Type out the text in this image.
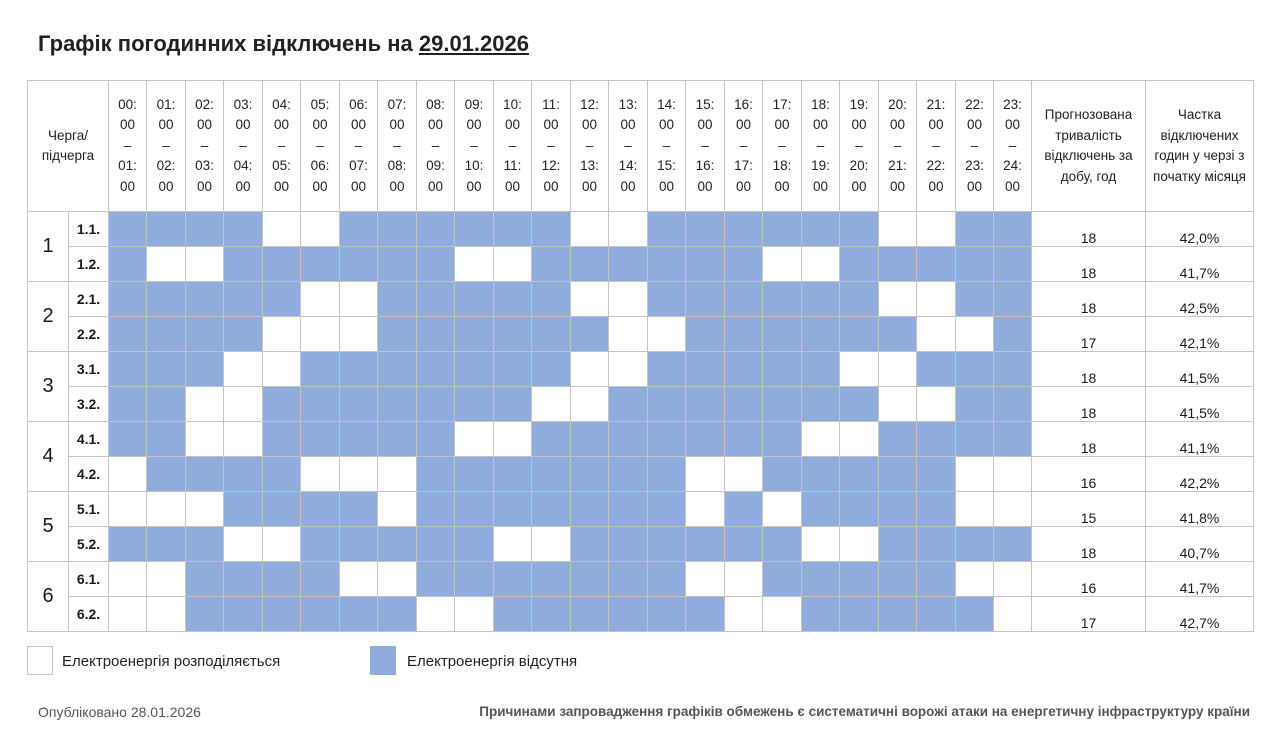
Графік погодинних відключень на 29.01.2026
Черга/ підчерга		00:
00
–
01:
00	01:
00
–
02:
00	02:
00
–
03:
00	03:
00
–
04:
00	04:
00
–
05:
00	05:
00
–
06:
00	06:
00
–
07:
00	07:
00
–
08:
00	08:
00
–
09:
00	09:
00
–
10:
00	10:
00
–
11:
00	11:
00
–
12:
00	12:
00
–
13:
00	13:
00
–
14:
00	14:
00
–
15:
00	15:
00
–
16:
00	16:
00
–
17:
00	17:
00
–
18:
00	18:
00
–
19:
00	19:
00
–
20:
00	20:
00
–
21:
00	21:
00
–
22:
00	22:
00
–
23:
00	23:
00
–
24:
00	Прогнозована тривалість відключень за добу, год	Частка відключених годин у черзі з початку місяця
1	1.1.																									18	42,0%
	1.2.																									18	41,7%
2	2.1.																									18	42,5%
	2.2.																									17	42,1%
3	3.1.																									18	41,5%
	3.2.																									18	41,5%
4	4.1.																									18	41,1%
	4.2.																									16	42,2%
5	5.1.																									15	41,8%
	5.2.																									18	40,7%
6	6.1.																									16	41,7%
	6.2.																									17	42,7%
Електроенергія розподіляється	Електроенергія відсутня
Опубліковано 28.01.2026	Причинами запровадження графіків обмежень є систематичні ворожі атаки на енергетичну інфраструктуру країни
